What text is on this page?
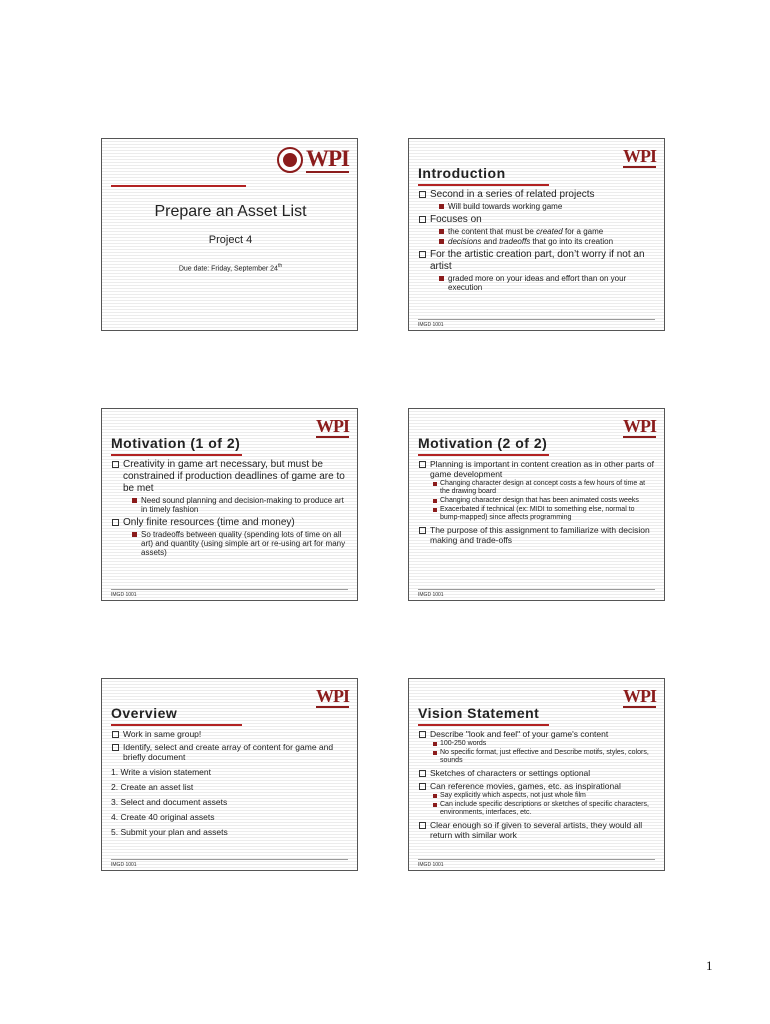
WPI
Prepare an Asset List
Project 4
Due date: Friday, September 24th
WPI
Introduction
Second in a series of related projects
Will build towards working game
Focuses on
the content that must be created for a game
decisions and tradeoffs that go into its creation
For the artistic creation part, don’t worry if not an artist
graded more on your ideas and effort than on your execution
IMGD 1001
WPI
Motivation (1 of 2)
Creativity in game art necessary, but must be constrained if production deadlines of game are to be met
Need sound planning and decision-making to produce art in timely fashion
Only finite resources (time and money)
So tradeoffs between quality (spending lots of time on all art) and quantity (using simple art or re-using art for many assets)
IMGD 1001
WPI
Motivation (2 of 2)
Planning is important in content creation as in other parts of game development
Changing character design at concept costs a few hours of time at the drawing board
Changing character design that has been animated costs weeks
Exacerbated if technical (ex: MIDI to something else, normal to bump-mapped) since affects programming
The purpose of this assignment to familiarize with decision making and trade-offs
IMGD 1001
WPI
Overview
Work in same group!
Identify, select and create array of content for game and briefly document
1. Write a vision statement
2. Create an asset list
3. Select and document assets
4. Create 40 original assets
5. Submit your plan and assets
IMGD 1001
WPI
Vision Statement
Describe "look and feel" of your game's content
100-250 words
No specific format, just effective and Describe motifs, styles, colors, sounds
Sketches of characters or settings optional
Can reference movies, games, etc. as inspirational
Say explicitly which aspects, not just whole film
Can include specific descriptions or sketches of specific characters, environments, interfaces, etc.
Clear enough so if given to several artists, they would all return with similar work
IMGD 1001
1
